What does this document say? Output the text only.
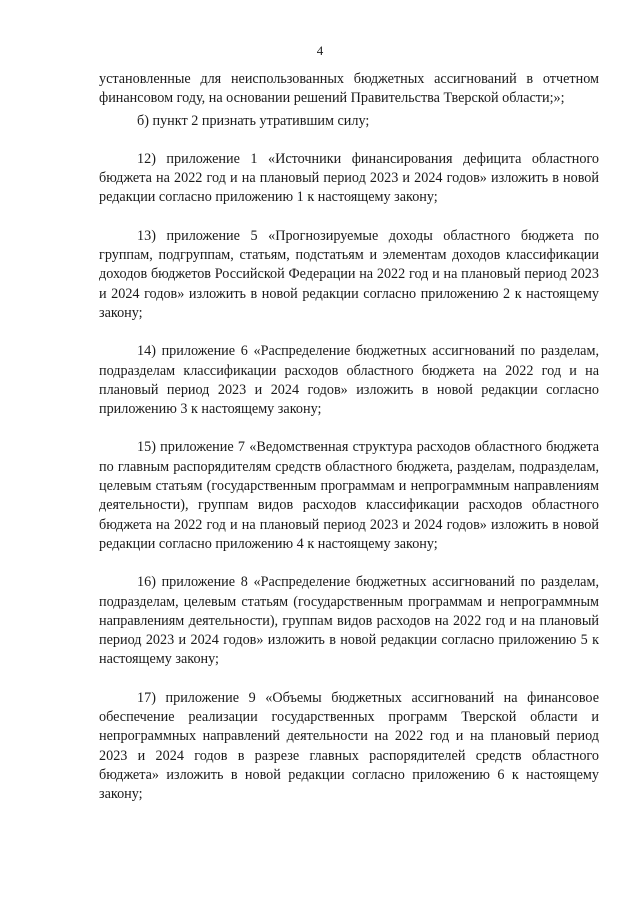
4

установленные для неиспользованных бюджетных ассигнований в отчетном финансовом году, на основании решений Правительства Тверской области;»;

б) пункт 2 признать утратившим силу;

12) приложение 1 «Источники финансирования дефицита областного бюджета на 2022 год и на плановый период 2023 и 2024 годов» изложить в новой редакции согласно приложению 1 к настоящему закону;

13) приложение 5 «Прогнозируемые доходы областного бюджета по группам, подгруппам, статьям, подстатьям и элементам доходов классификации доходов бюджетов Российской Федерации на 2022 год и на плановый период 2023 и 2024 годов» изложить в новой редакции согласно приложению 2 к настоящему закону;

14) приложение 6 «Распределение бюджетных ассигнований по разделам, подразделам классификации расходов областного бюджета на 2022 год и на плановый период 2023 и 2024 годов» изложить в новой редакции согласно приложению 3 к настоящему закону;

15) приложение 7 «Ведомственная структура расходов областного бюджета по главным распорядителям средств областного бюджета, разделам, подразделам, целевым статьям (государственным программам и непрограммным направлениям деятельности), группам видов расходов классификации расходов областного бюджета на 2022 год и на плановый период 2023 и 2024 годов» изложить в новой редакции согласно приложению 4 к настоящему закону;

16) приложение 8 «Распределение бюджетных ассигнований по разделам, подразделам, целевым статьям (государственным программам и непрограммным направлениям деятельности), группам видов расходов на 2022 год и на плановый период 2023 и 2024 годов» изложить в новой редакции согласно приложению 5 к настоящему закону;

17) приложение 9 «Объемы бюджетных ассигнований на финансовое обеспечение реализации государственных программ Тверской области и непрограммных направлений деятельности на 2022 год и на плановый период 2023 и 2024 годов в разрезе главных распорядителей средств областного бюджета» изложить в новой редакции согласно приложению 6 к настоящему закону;
